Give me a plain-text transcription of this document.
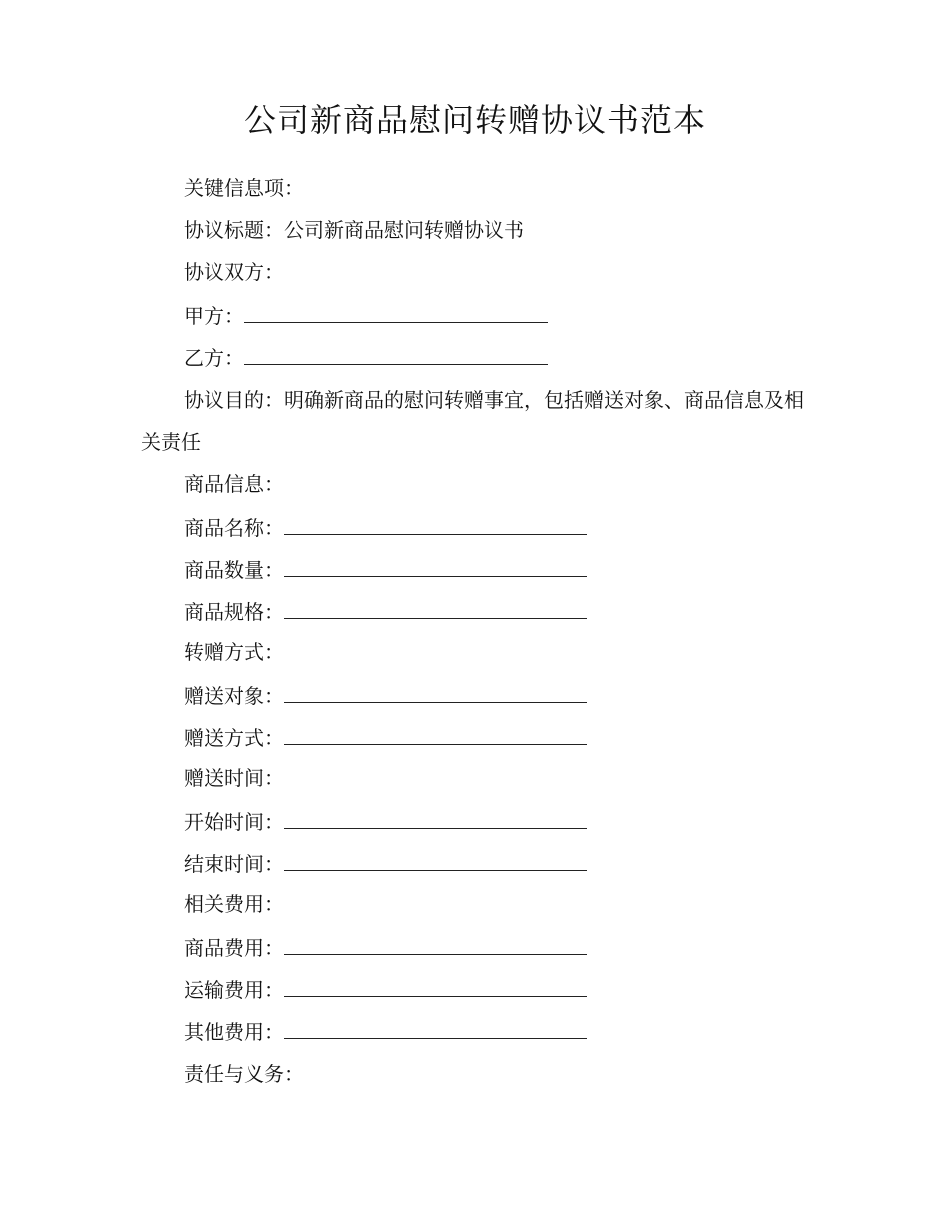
公司新商品慰问转赠协议书范本
关键信息项：
协议标题：公司新商品慰问转赠协议书
协议双方：
甲方：
乙方：
协议目的：明确新商品的慰问转赠事宜，包括赠送对象、商品信息及相关责任
商品信息：
商品名称：
商品数量：
商品规格：
转赠方式：
赠送对象：
赠送方式：
赠送时间：
开始时间：
结束时间：
相关费用：
商品费用：
运输费用：
其他费用：
责任与义务：
